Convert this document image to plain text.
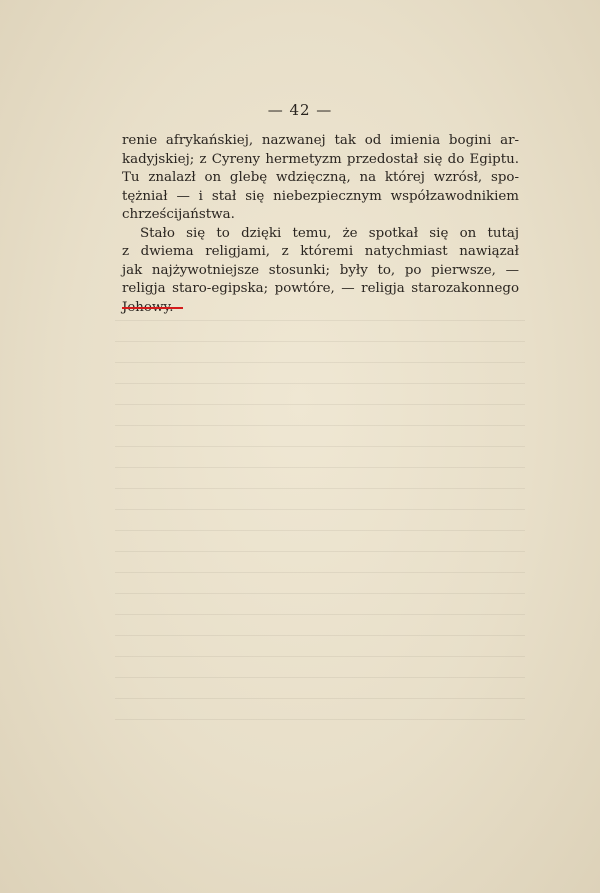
— 42 —
renie afrykańskiej, nazwanej tak od imienia bogini ar-
kadyjskiej; z Cyreny hermetyzm przedostał się do Egiptu.
Tu znalazł on glebę wdzięczną, na której wzrósł, spo-
tężniał — i stał się niebezpiecznym współzawodnikiem
chrześcijaństwa.
Stało się to dzięki temu, że spotkał się on tutaj
z dwiema religjami, z któremi natychmiast nawiązał
jak najżywotniejsze stosunki; były to, po pierwsze, —
religja staro-egipska; powtóre, — religja starozakonnego
